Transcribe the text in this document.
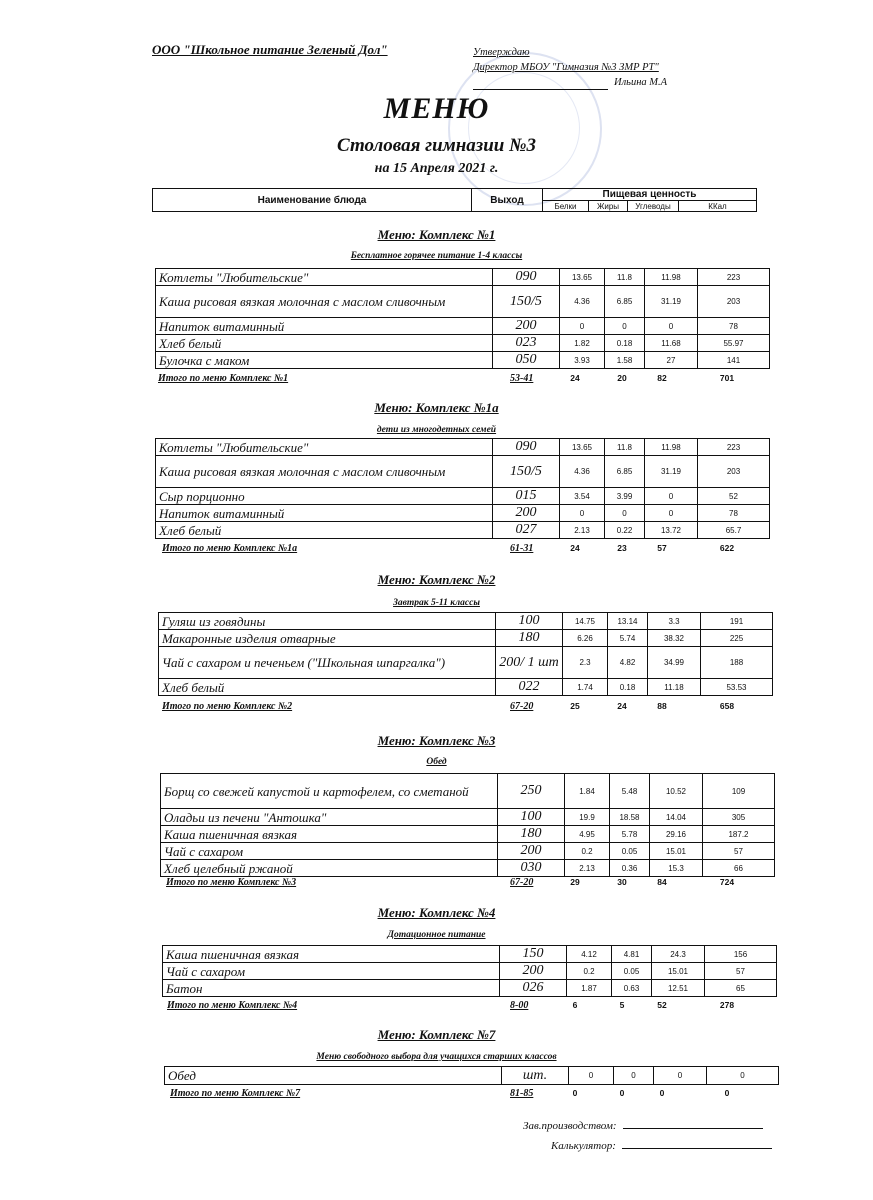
ООО "Школьное питание Зеленый Дол"	Утверждаю
Директор МБОУ "Гимназия №3 ЗМР РТ"
Ильина М.А
МЕНЮ
Столовая гимназии №3
на 15 Апреля 2021 г.
Наименование блюда	Выход	Пищевая ценность			
		Белки	Жиры	Углеводы	ККал
Меню: Комплекс №1
Бесплатное горячее питание 1-4 классы
Котлеты "Любительские"	090	13.65	11.8	11.98	223
Каша рисовая вязкая молочная с маслом сливочным	150/5	4.36	6.85	31.19	203
Напиток витаминный	200	0	0	0	78
Хлеб белый	023	1.82	0.18	11.68	55.97
Булочка с маком	050	3.93	1.58	27	141
Итого по меню Комплекс №1	53-41	24	20	82	701
Меню: Комплекс №1а
дети из многодетных семей
Котлеты "Любительские"	090	13.65	11.8	11.98	223
Каша рисовая вязкая молочная с маслом сливочным	150/5	4.36	6.85	31.19	203
Сыр порционно	015	3.54	3.99	0	52
Напиток витаминный	200	0	0	0	78
Хлеб белый	027	2.13	0.22	13.72	65.7
Итого по меню Комплекс №1а	61-31	24	23	57	622
Меню: Комплекс №2
Завтрак 5-11 классы
Гуляш из говядины	100	14.75	13.14	3.3	191
Макаронные изделия отварные	180	6.26	5.74	38.32	225
Чай с сахаром и печеньем ("Школьная шпаргалка")	200/ 1 шт	2.3	4.82	34.99	188
Хлеб белый	022	1.74	0.18	11.18	53.53
Итого по меню Комплекс №2	67-20	25	24	88	658
Меню: Комплекс №3
Обед
Борщ со свежей капустой и картофелем, со сметаной	250	1.84	5.48	10.52	109
Оладьи из печени "Антошка"	100	19.9	18.58	14.04	305
Каша пшеничная вязкая	180	4.95	5.78	29.16	187.2
Чай с сахаром	200	0.2	0.05	15.01	57
Хлеб целебный ржаной	030	2.13	0.36	15.3	66
Итого по меню Комплекс №3	67-20	29	30	84	724
Меню: Комплекс №4
Дотационное питание
Каша пшеничная вязкая	150	4.12	4.81	24.3	156
Чай с сахаром	200	0.2	0.05	15.01	57
Батон	026	1.87	0.63	12.51	65
Итого по меню Комплекс №4	8-00	6	5	52	278
Меню: Комплекс №7
Меню свободного выбора для учащихся старших классов
Обед	шт.	0	0	0	0
Итого по меню Комплекс №7	81-85	0	0	0	0
Зав.производством:
Калькулятор:
